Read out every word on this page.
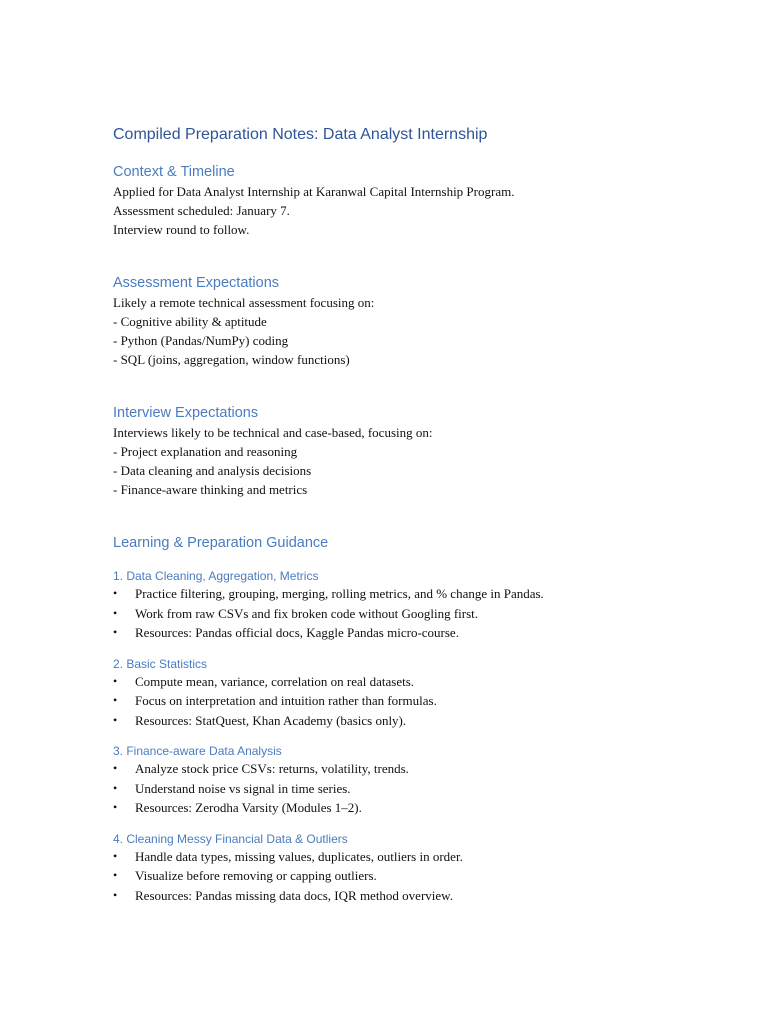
Compiled Preparation Notes: Data Analyst Internship
Context & Timeline

Applied for Data Analyst Internship at Karanwal Capital Internship Program.

Assessment scheduled: January 7.

Interview round to follow.

Assessment Expectations

Likely a remote technical assessment focusing on:

- Cognitive ability & aptitude

- Python (Pandas/NumPy) coding

- SQL (joins, aggregation, window functions)

Interview Expectations

Interviews likely to be technical and case-based, focusing on:

- Project explanation and reasoning

- Data cleaning and analysis decisions

- Finance-aware thinking and metrics

Learning & Preparation Guidance
1. Data Cleaning, Aggregation, Metrics
• Practice filtering, grouping, merging, rolling metrics, and % change in Pandas.
• Work from raw CSVs and fix broken code without Googling first.
• Resources: Pandas official docs, Kaggle Pandas micro-course.
2. Basic Statistics
• Compute mean, variance, correlation on real datasets.
• Focus on interpretation and intuition rather than formulas.
• Resources: StatQuest, Khan Academy (basics only).
3. Finance-aware Data Analysis
• Analyze stock price CSVs: returns, volatility, trends.
• Understand noise vs signal in time series.
• Resources: Zerodha Varsity (Modules 1–2).
4. Cleaning Messy Financial Data & Outliers
• Handle data types, missing values, duplicates, outliers in order.
• Visualize before removing or capping outliers.
• Resources: Pandas missing data docs, IQR method overview.
